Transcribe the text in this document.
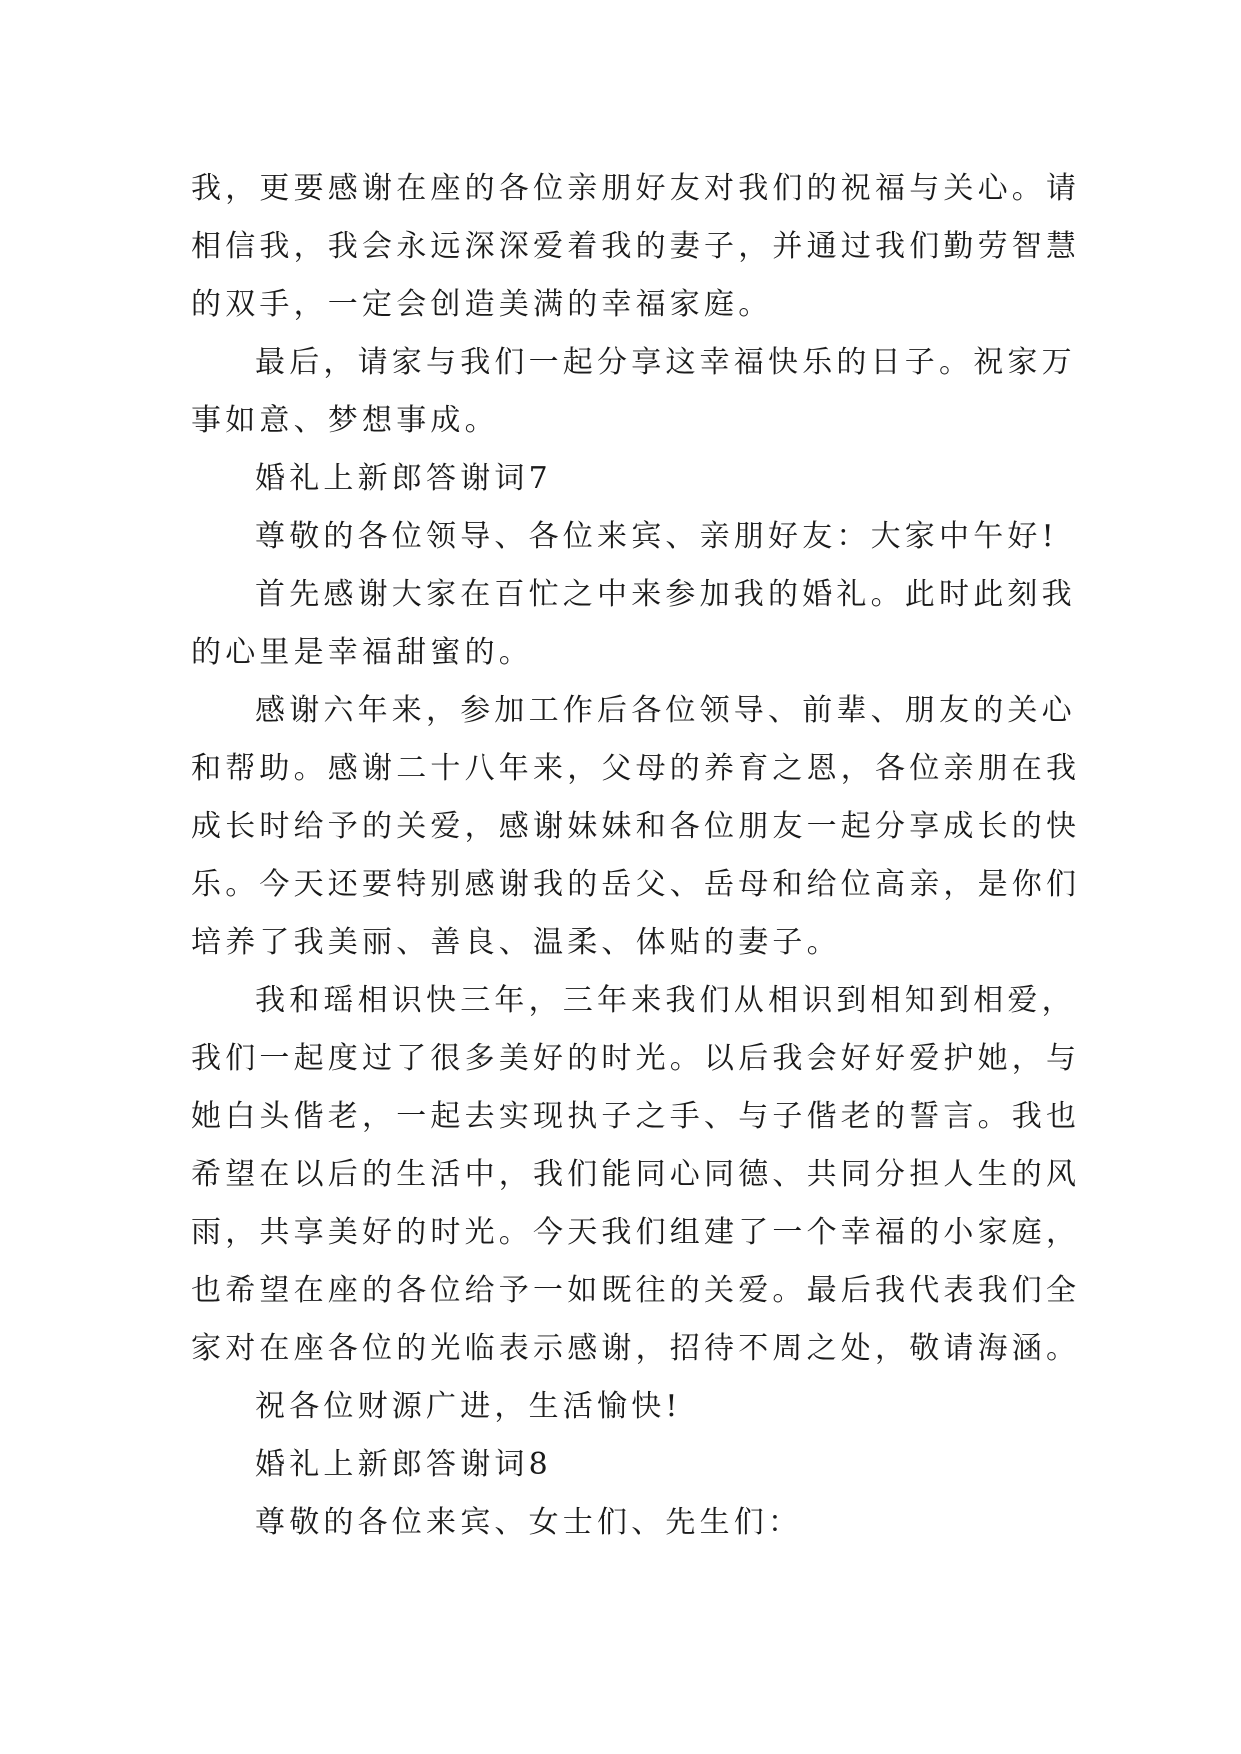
我，更要感谢在座的各位亲朋好友对我们的祝福与关心。请
相信我，我会永远深深爱着我的妻子，并通过我们勤劳智慧
的双手，一定会创造美满的幸福家庭。
最后，请家与我们一起分享这幸福快乐的日子。祝家万
事如意、梦想事成。
婚礼上新郎答谢词7
尊敬的各位领导、各位来宾、亲朋好友：大家中午好!
首先感谢大家在百忙之中来参加我的婚礼。此时此刻我
的心里是幸福甜蜜的。
感谢六年来，参加工作后各位领导、前辈、朋友的关心
和帮助。感谢二十八年来，父母的养育之恩，各位亲朋在我
成长时给予的关爱，感谢妹妹和各位朋友一起分享成长的快
乐。今天还要特别感谢我的岳父、岳母和给位高亲，是你们
培养了我美丽、善良、温柔、体贴的妻子。
我和瑶相识快三年，三年来我们从相识到相知到相爱，
我们一起度过了很多美好的时光。以后我会好好爱护她，与
她白头偕老，一起去实现执子之手、与子偕老的誓言。我也
希望在以后的生活中，我们能同心同德、共同分担人生的风
雨，共享美好的时光。今天我们组建了一个幸福的小家庭，
也希望在座的各位给予一如既往的关爱。最后我代表我们全
家对在座各位的光临表示感谢，招待不周之处，敬请海涵。
祝各位财源广进，生活愉快!
婚礼上新郎答谢词8
尊敬的各位来宾、女士们、先生们：
